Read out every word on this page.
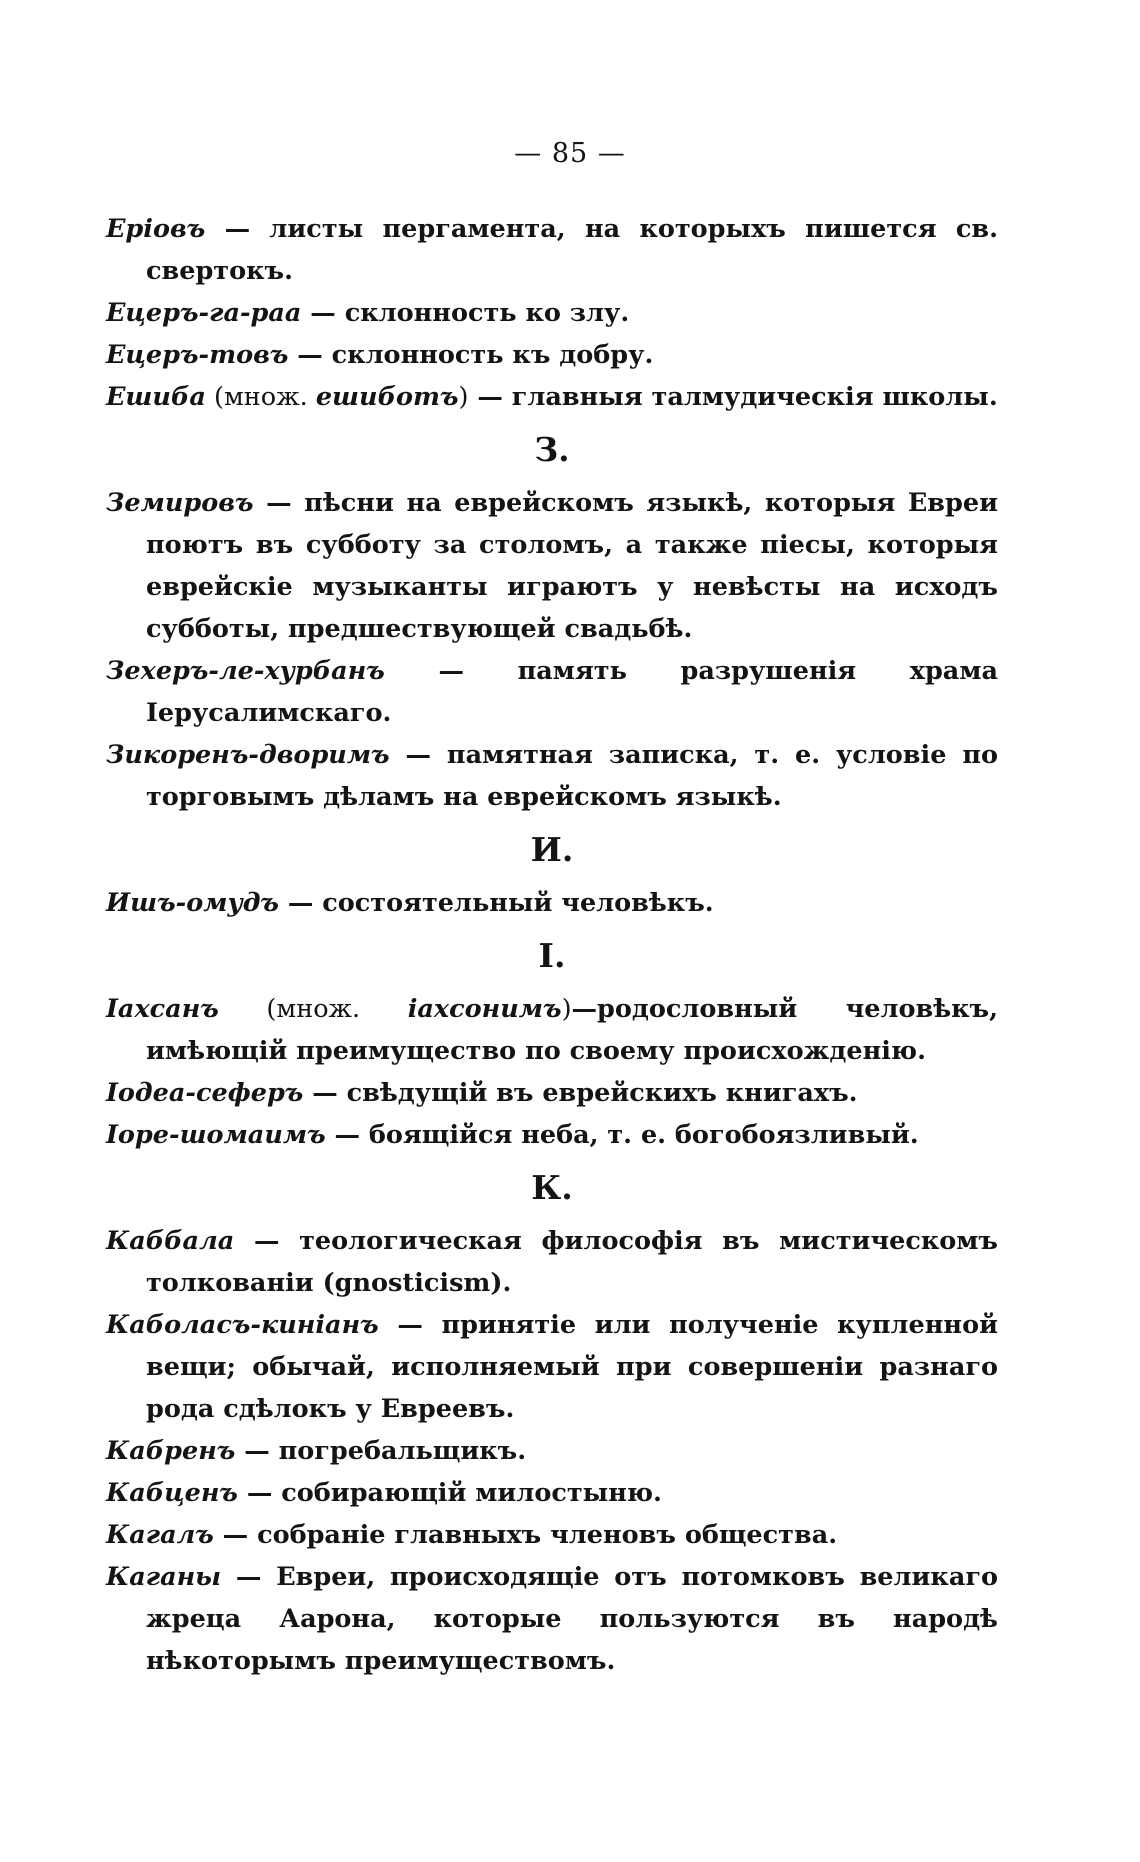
— 85 —

Ерiовъ — листы пергамента, на которыхъ пишется св. свертокъ.

Ецеръ-га-раа — склонность ко злу.

Ецеръ-товъ — склонность къ добру.

Ешиба (множ. ешиботъ) — главныя талмудическiя школы.

З.

Земировъ — пѣсни на еврейскомъ языкѣ, которыя Евреи поютъ въ субботу за столомъ, а также пiесы, которыя еврейскiе музыканты играютъ у невѣсты на исходъ субботы, предшествующей свадьбѣ.

Зехеръ-ле-хурбанъ — память разрушенiя храма Iерусалимскаго.

Зикоренъ-дворимъ — памятная записка, т. е. условiе по торговымъ дѣламъ на еврейскомъ языкѣ.

И.

Ишъ-омудъ — состоятельный человѣкъ.

I.

Iахсанъ (множ. iахсонимъ)—родословный человѣкъ, имѣющiй преимущество по своему происхожденiю.

Iодеа-сеферъ — свѣдущiй въ еврейскихъ книгахъ.

Iоре-шомаимъ — боящiйся неба, т. е. богобоязливый.

К.

Каббала — теологическая философiя въ мистическомъ толкованiи (gnosticism).

Каболасъ-кинiанъ — принятiе или полученiе купленной вещи; обычай, исполняемый при совершенiи разнаго рода сдѣлокъ у Евреевъ.

Кабренъ — погребальщикъ.

Кабценъ — собирающiй милостыню.

Кагалъ — собранiе главныхъ членовъ общества.

Каганы — Евреи, происходящiе отъ потомковъ великаго жреца Аарона, которые пользуются въ народѣ нѣкоторымъ преимуществомъ.
